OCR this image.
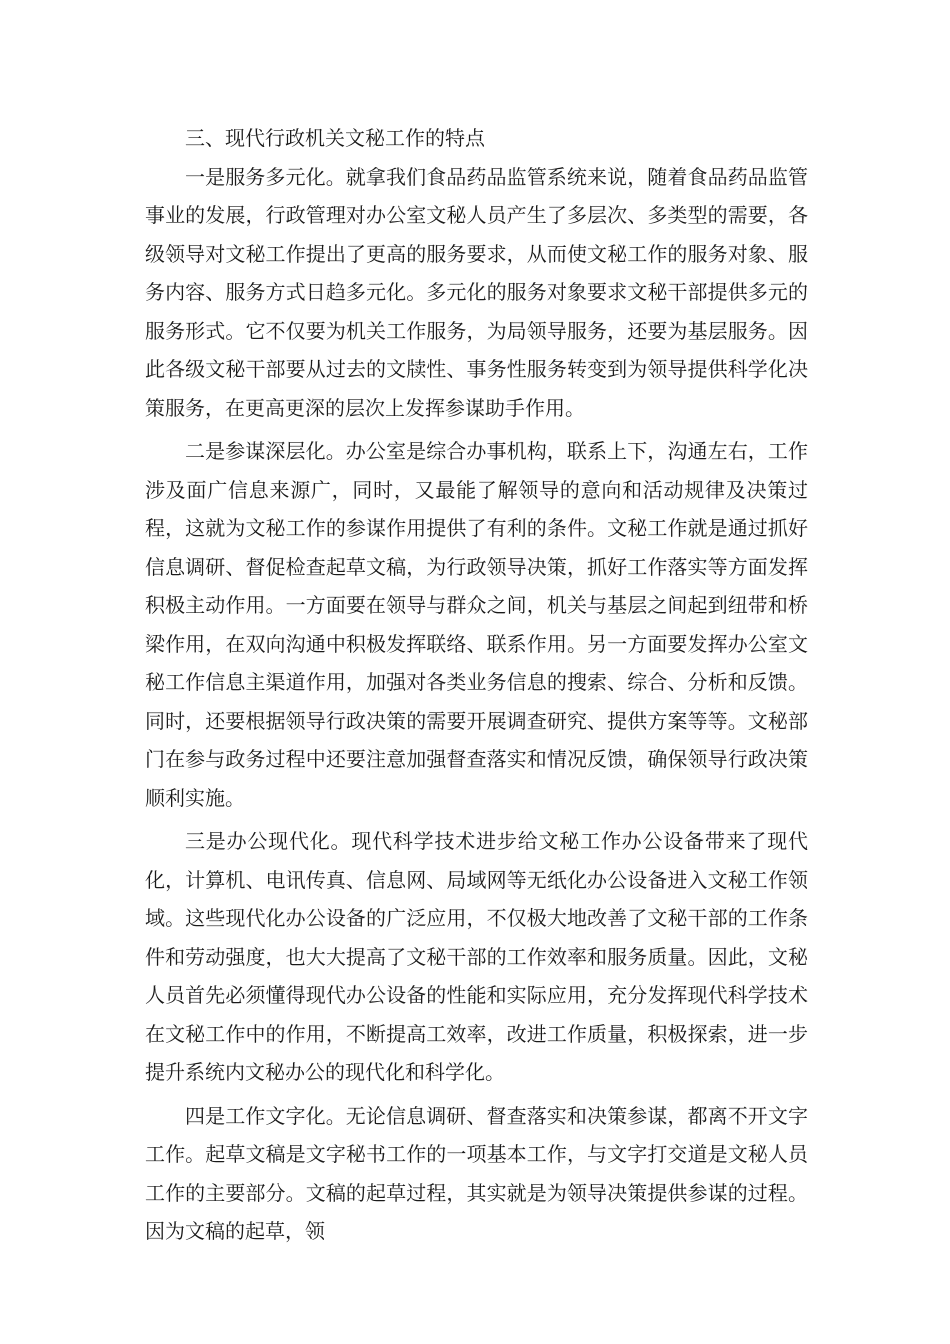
三、现代行政机关文秘工作的特点

一是服务多元化。就拿我们食品药品监管系统来说，随着食品药品监管事业的发展，行政管理对办公室文秘人员产生了多层次、多类型的需要，各级领导对文秘工作提出了更高的服务要求，从而使文秘工作的服务对象、服务内容、服务方式日趋多元化。多元化的服务对象要求文秘干部提供多元的服务形式。它不仅要为机关工作服务，为局领导服务，还要为基层服务。因此各级文秘干部要从过去的文牍性、事务性服务转变到为领导提供科学化决策服务，在更高更深的层次上发挥参谋助手作用。

二是参谋深层化。办公室是综合办事机构，联系上下，沟通左右，工作涉及面广信息来源广，同时，又最能了解领导的意向和活动规律及决策过程，这就为文秘工作的参谋作用提供了有利的条件。文秘工作就是通过抓好信息调研、督促检查起草文稿，为行政领导决策，抓好工作落实等方面发挥积极主动作用。一方面要在领导与群众之间，机关与基层之间起到纽带和桥梁作用，在双向沟通中积极发挥联络、联系作用。另一方面要发挥办公室文秘工作信息主渠道作用，加强对各类业务信息的搜索、综合、分析和反馈。同时，还要根据领导行政决策的需要开展调查研究、提供方案等等。文秘部门在参与政务过程中还要注意加强督查落实和情况反馈，确保领导行政决策顺利实施。

三是办公现代化。现代科学技术进步给文秘工作办公设备带来了现代化，计算机、电讯传真、信息网、局域网等无纸化办公设备进入文秘工作领域。这些现代化办公设备的广泛应用，不仅极大地改善了文秘干部的工作条件和劳动强度，也大大提高了文秘干部的工作效率和服务质量。因此，文秘人员首先必须懂得现代办公设备的性能和实际应用，充分发挥现代科学技术在文秘工作中的作用，不断提高工效率，改进工作质量，积极探索，进一步提升系统内文秘办公的现代化和科学化。

四是工作文字化。无论信息调研、督查落实和决策参谋，都离不开文字工作。起草文稿是文字秘书工作的一项基本工作，与文字打交道是文秘人员工作的主要部分。文稿的起草过程，其实就是为领导决策提供参谋的过程。因为文稿的起草，领
